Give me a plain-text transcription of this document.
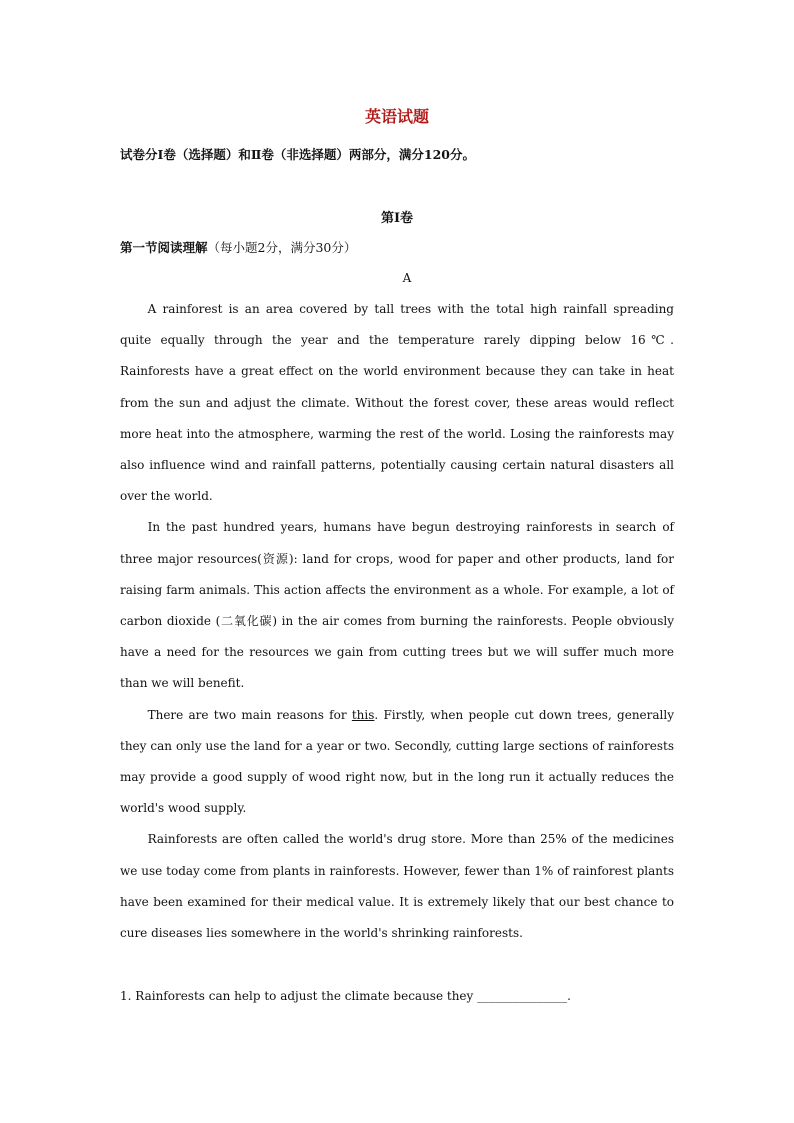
英语试题
试卷分Ⅰ卷（选择题）和Ⅱ卷（非选择题）两部分，满分120分。
第Ⅰ卷
第一节阅读理解（每小题2分，满分30分）
A

A rainforest is an area covered by tall trees with the total high rainfall spreading quite equally through the year and the temperature rarely dipping below 16℃. Rainforests have a great effect on the world environment because they can take in heat from the sun and adjust the climate. Without the forest cover, these areas would reflect more heat into the atmosphere, warming the rest of the world. Losing the rainforests may also influence wind and rainfall patterns, potentially causing certain natural disasters all over the world.

In the past hundred years, humans have begun destroying rainforests in search of three major resources(资源): land for crops, wood for paper and other products, land for raising farm animals. This action affects the environment as a whole. For example, a lot of carbon dioxide (二氧化碳) in the air comes from burning the rainforests. People obviously have a need for the resources we gain from cutting trees but we will suffer much more than we will benefit.

There are two main reasons for this. Firstly, when people cut down trees, generally they can only use the land for a year or two. Secondly, cutting large sections of rainforests may provide a good supply of wood right now, but in the long run it actually reduces the world's wood supply.

Rainforests are often called the world's drug store. More than 25% of the medicines we use today come from plants in rainforests. However, fewer than 1% of rainforest plants have been examined for their medical value. It is extremely likely that our best chance to cure diseases lies somewhere in the world's shrinking rainforests.

1. Rainforests can help to adjust the climate because they _______________.
